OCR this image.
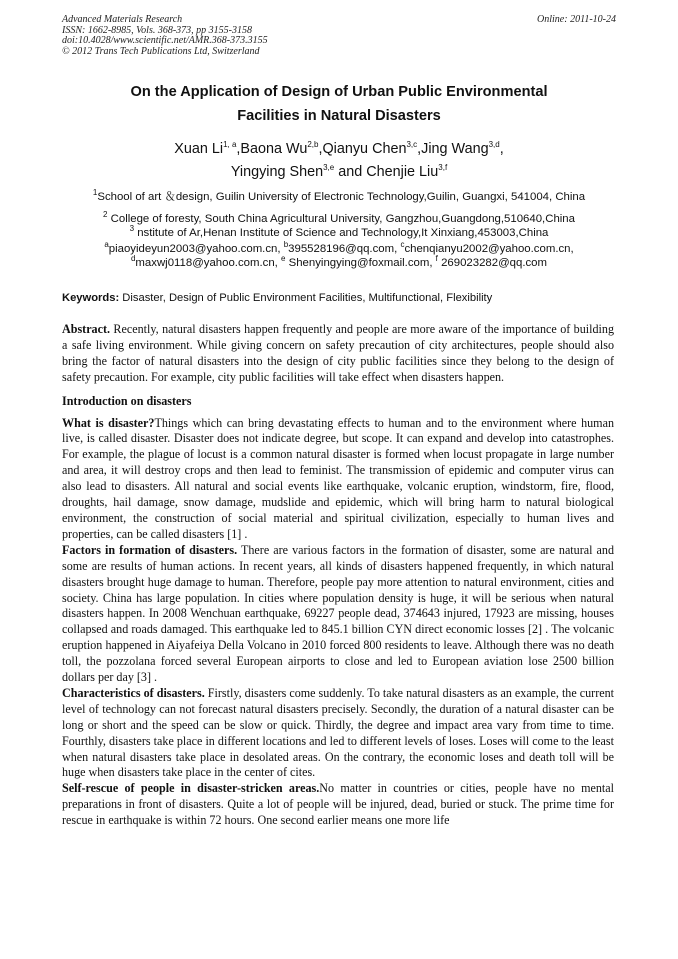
Advanced Materials Research
ISSN: 1662-8985, Vols. 368-373, pp 3155-3158
doi:10.4028/www.scientific.net/AMR.368-373.3155
© 2012 Trans Tech Publications Ltd, Switzerland
Online: 2011-10-24
On the Application of Design of Urban Public Environmental
Facilities in Natural Disasters
Xuan Li$^{1, a}$,Baona Wu$^{2,b}$,Qianyu Chen$^{3,c}$,Jing Wang$^{3,d}$,
Yingying Shen$^{3,e}$ and Chenjie Liu$^{3,f}$
$^1$School of art ＆design, Guilin University of Electronic Technology,Guilin, Guangxi, 541004, China
$^2$ College of foresty, South China Agricultural University, Gangzhou,Guangdong,510640,China
$^3$ nstitute of Ar,Henan Institute of Science and Technology,It Xinxiang,453003,China
$^a$piaoyideyun2003@yahoo.com.cn, $^b$395528196@qq.com, $^c$chenqianyu2002@yahoo.com.cn,
$^d$maxwj0118@yahoo.com.cn, $^e$ Shenyingying@foxmail.com, $^f$ 269023282@qq.com
Keywords: Disaster, Design of Public Environment Facilities, Multifunctional, Flexibility

Abstract. Recently, natural disasters happen frequently and people are more aware of the importance of building a safe living environment. While giving concern on safety precaution of city architectures, people should also bring the factor of natural disasters into the design of city public facilities since they belong to the design of safety precaution. For example, city public facilities will take effect when disasters happen.

Introduction on disasters

What is disaster?Things which can bring devastating effects to human and to the environment where human live, is called disaster. Disaster does not indicate degree, but scope. It can expand and develop into catastrophes. For example, the plague of locust is a common natural disaster is formed when locust propagate in large number and area, it will destroy crops and then lead to feminist. The transmission of epidemic and computer virus can also lead to disasters. All natural and social events like earthquake, volcanic eruption, windstorm, fire, flood, droughts, hail damage, snow damage, mudslide and epidemic, which will bring harm to natural biological environment, the construction of social material and spiritual civilization, especially to human lives and properties, can be called disasters [1] .

Factors in formation of disasters. There are various factors in the formation of disaster, some are natural and some are results of human actions. In recent years, all kinds of disasters happened frequently, in which natural disasters brought huge damage to human. Therefore, people pay more attention to natural environment, cities and society. China has large population. In cities where population density is huge, it will be serious when natural disasters happen. In 2008 Wenchuan earthquake, 69227 people dead, 374643 injured, 17923 are missing, houses collapsed and roads damaged. This earthquake led to 845.1 billion CYN direct economic losses [2] . The volcanic eruption happened in Aiyafeiya Della Volcano in 2010 forced 800 residents to leave. Although there was no death toll, the pozzolana forced several European airports to close and led to European aviation lose 2500 billion dollars per day [3] .

Characteristics of disasters. Firstly, disasters come suddenly. To take natural disasters as an example, the current level of technology can not forecast natural disasters precisely. Secondly, the duration of a natural disaster can be long or short and the speed can be slow or quick. Thirdly, the degree and impact area vary from time to time. Fourthly, disasters take place in different locations and led to different levels of loses. Loses will come to the least when natural disasters take place in desolated areas. On the contrary, the economic loses and death toll will be huge when disasters take place in the center of cites.

Self-rescue of people in disaster-stricken areas.No matter in countries or cities, people have no mental preparations in front of disasters. Quite a lot of people will be injured, dead, buried or stuck. The prime time for rescue in earthquake is within 72 hours. One second earlier means one more life
